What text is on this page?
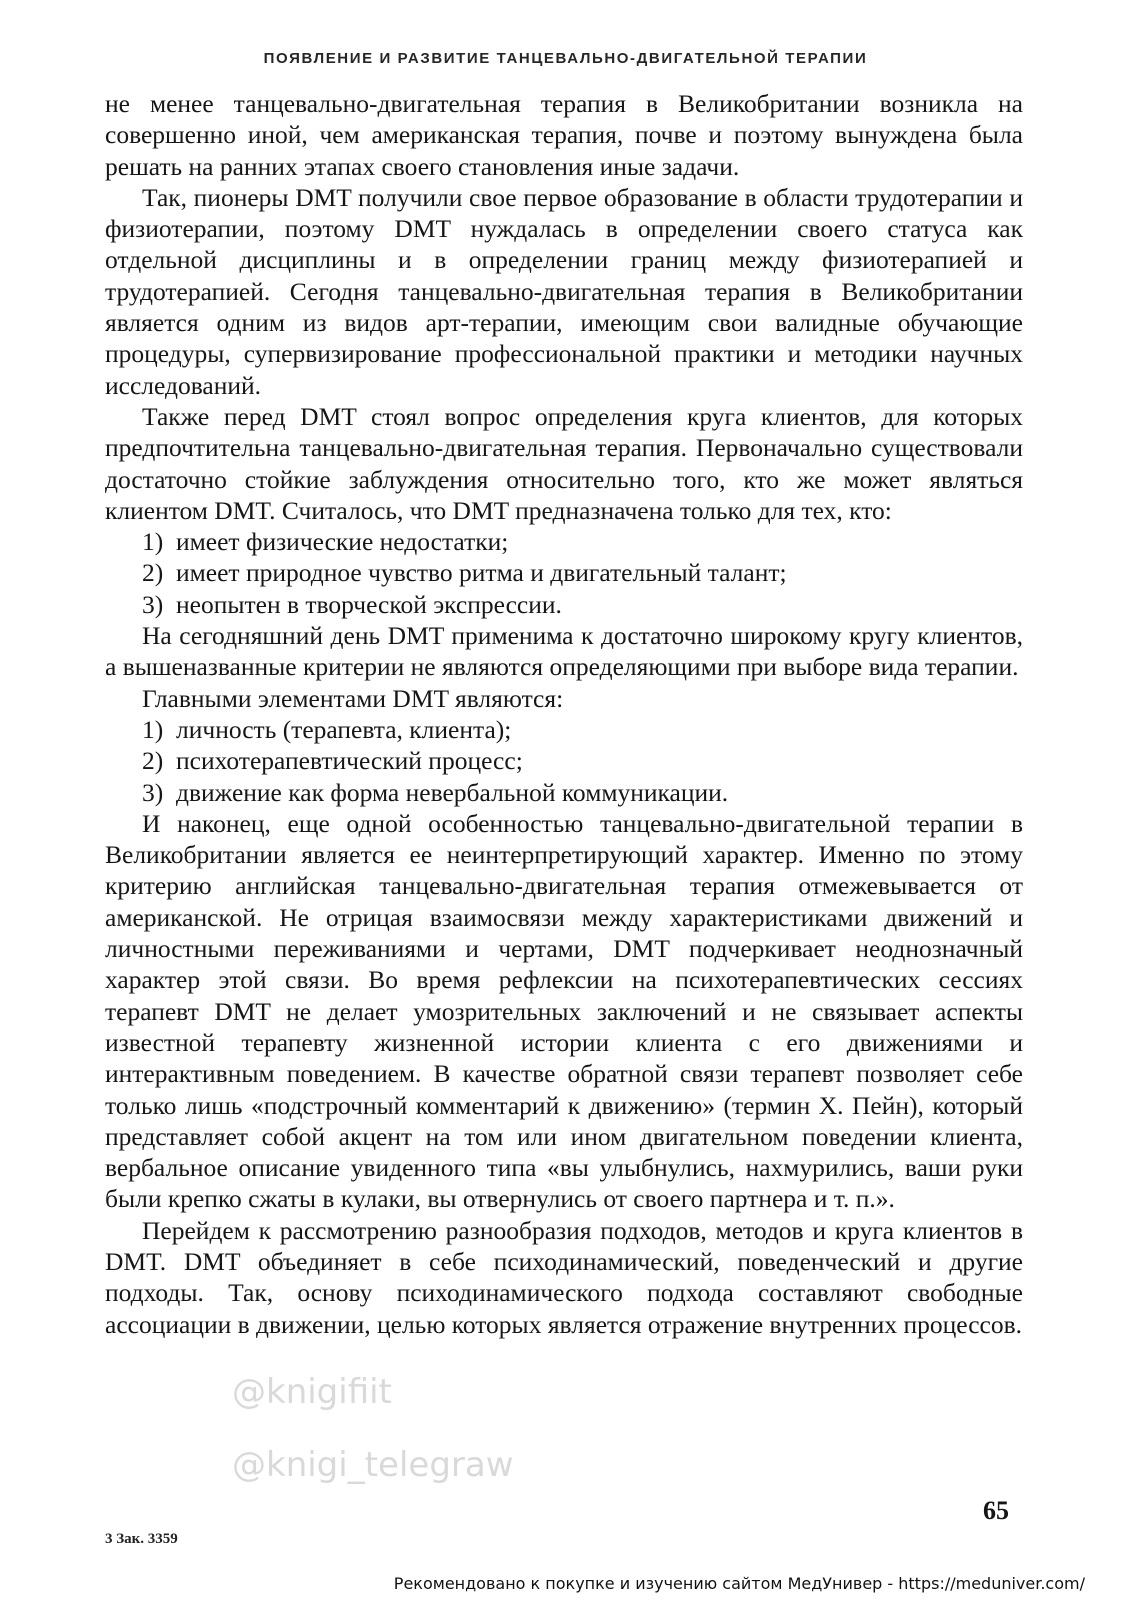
ПОЯВЛЕНИЕ И РАЗВИТИЕ ТАНЦЕВАЛЬНО-ДВИГАТЕЛЬНОЙ ТЕРАПИИ

не менее танцевально-двигательная терапия в Великобритании возникла на совершенно иной, чем американская терапия, почве и поэтому вынуждена была решать на ранних этапах своего становления иные задачи.

Так, пионеры DMT получили свое первое образование в области трудотерапии и физиотерапии, поэтому DMT нуждалась в определении своего статуса как отдельной дисциплины и в определении границ между физиотерапией и трудотерапией. Сегодня танцевально-двигательная терапия в Великобритании является одним из видов арт-терапии, имеющим свои валидные обучающие процедуры, супервизирование профессиональной практики и методики научных исследований.

Также перед DMT стоял вопрос определения круга клиентов, для которых предпочтительна танцевально-двигательная терапия. Первоначально существовали достаточно стойкие заблуждения относительно того, кто же может являться клиентом DMT. Считалось, что DMT предназначена только для тех, кто:

1) имеет физические недостатки;
2) имеет природное чувство ритма и двигательный талант;
3) неопытен в творческой экспрессии.

На сегодняшний день DMT применима к достаточно широкому кругу клиентов, а вышеназванные критерии не являются определяющими при выборе вида терапии.

Главными элементами DMT являются:

1) личность (терапевта, клиента);
2) психотерапевтический процесс;
3) движение как форма невербальной коммуникации.

И наконец, еще одной особенностью танцевально-двигательной терапии в Великобритании является ее неинтерпретирующий характер. Именно по этому критерию английская танцевально-двигательная терапия отмежевывается от американской. Не отрицая взаимосвязи между характеристиками движений и личностными переживаниями и чертами, DMT подчеркивает неоднозначный характер этой связи. Во время рефлексии на психотерапевтических сессиях терапевт DMT не делает умозрительных заключений и не связывает аспекты известной терапевту жизненной истории клиента с его движениями и интерактивным поведением. В качестве обратной связи терапевт позволяет себе только лишь «подстрочный комментарий к движению» (термин Х. Пейн), который представляет собой акцент на том или ином двигательном поведении клиента, вербальное описание увиденного типа «вы улыбнулись, нахмурились, ваши руки были крепко сжаты в кулаки, вы отвернулись от своего партнера и т. п.».

Перейдем к рассмотрению разнообразия подходов, методов и круга клиентов в DMT. DMT объединяет в себе психодинамический, поведенческий и другие подходы. Так, основу психодинамического подхода составляют свободные ассоциации в движении, целью которых является отражение внутренних процессов.

@knigifiit
@knigi_telegraw
65
3 Зак. 3359
Рекомендовано к покупке и изучению сайтом МедУнивер - https://meduniver.com/
